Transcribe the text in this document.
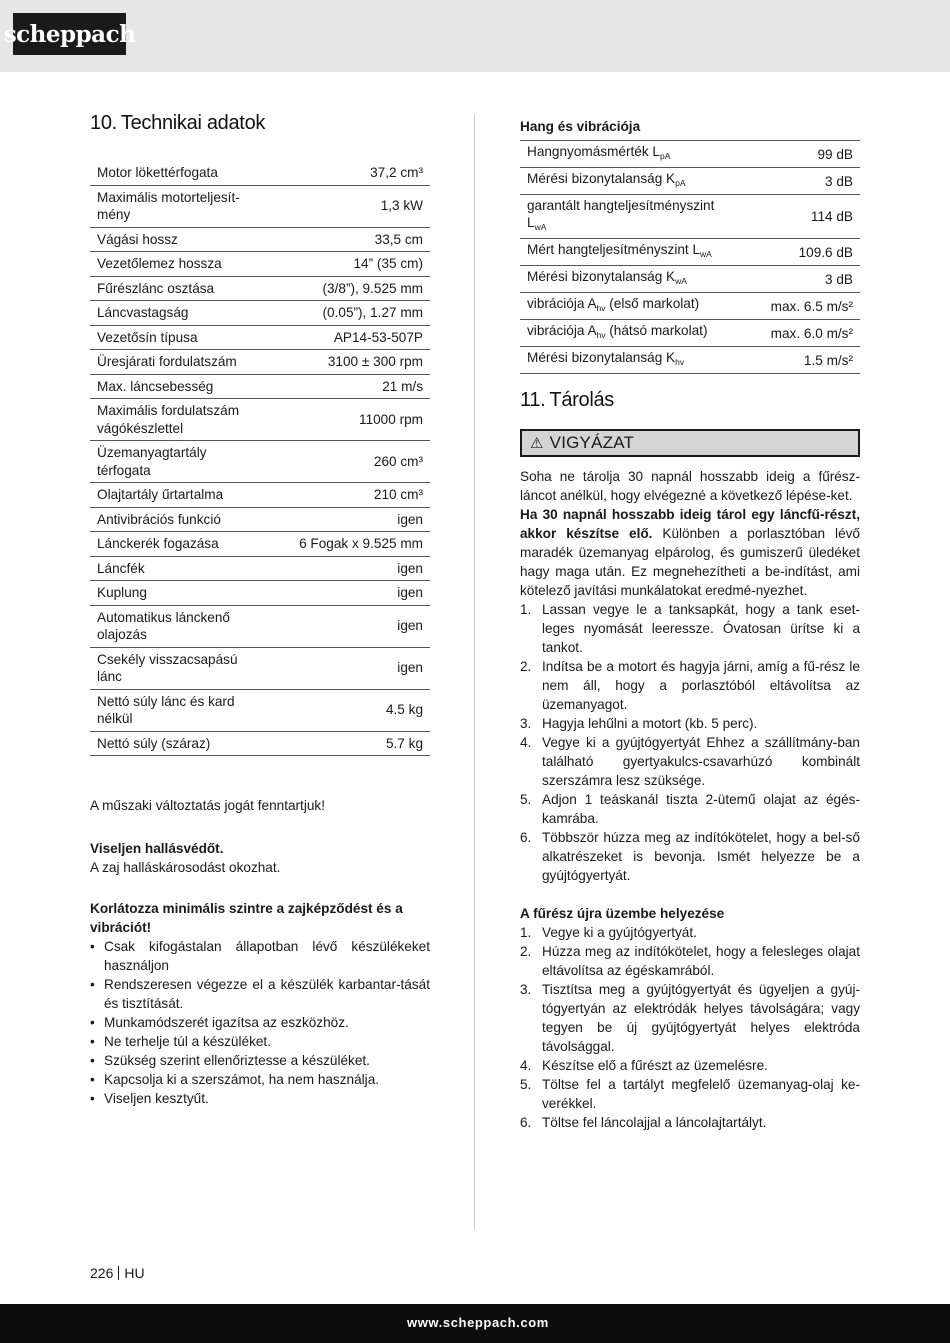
scheppach
10. Technikai adatok
Motor lökettérfogata	37,2 cm³
Maximális motorteljesít-mény	1,3 kW
Vágási hossz	33,5 cm
Vezetőlemez hossza	14” (35 cm)
Fűrészlánc osztása	(3/8”), 9.525 mm
Láncvastagság	(0.05”), 1.27 mm
Vezetősín típusa	AP14-53-507P
Üresjárati fordulatszám	3100 ± 300 rpm
Max. láncsebesség	21 m/s
Maximális fordulatszám vágókészlettel	11000 rpm
Üzemanyagtartály térfogata	260 cm³
Olajtartály űrtartalma	210 cm³
Antivibrációs funkció	igen
Lánckerék fogazása	6 Fogak x 9.525 mm
Láncfék	igen
Kuplung	igen
Automatikus lánckenő olajozás	igen
Csekély visszacsapású lánc	igen
Nettó súly lánc és kard nélkül	4.5 kg
Nettó súly (száraz)	5.7 kg

A műszaki változtatás jogát fenntartjuk!

Viseljen hallásvédőt.

A zaj halláskárosodást okozhat.

Korlátozza minimális szintre a zajképződést és a vibrációt!

• Csak kifogástalan állapotban lévő készülékeket használjon
• Rendszeresen végezze el a készülék karbantar-tását és tisztítását.
• Munkamódszerét igazítsa az eszközhöz.
• Ne terhelje túl a készüléket.
• Szükség szerint ellenőriztesse a készüléket.
• Kapcsolja ki a szerszámot, ha nem használja.
• Viseljen kesztyűt.
Hang és vibrációja
Hangnyomásmérték $L_{pA}$	99 dB
Mérési bizonytalanság $K_{pA}$	3 dB
garantált hangteljesítményszint $L_{wA}$	114 dB
Mért hangteljesítményszint $L_{wA}$	109.6 dB
Mérési bizonytalanság $K_{wA}$	3 dB
vibrációja $A_{hv}$ (első markolat)	max. 6.5 m/s²
vibrációja $A_{hv}$ (hátsó markolat)	max. 6.0 m/s²
Mérési bizonytalanság $K_{hv}$	1.5 m/s²
11. Tárolás
⚠ VIGYÁZAT

Soha ne tárolja 30 napnál hosszabb ideig a fűrész-láncot anélkül, hogy elvégezné a következő lépése-ket.

Ha 30 napnál hosszabb ideig tárol egy láncfű-részt, akkor készítse elő. Különben a porlasztóban lévő maradék üzemanyag elpárolog, és gumiszerű üledéket hagy maga után. Ez megnehezítheti a be-indítást, ami kötelező javítási munkálatokat eredmé-nyezhet.

1. Lassan vegye le a tanksapkát, hogy a tank eset-leges nyomását leeressze. Óvatosan ürítse ki a tankot.
2. Indítsa be a motort és hagyja járni, amíg a fű-rész le nem áll, hogy a porlasztóból eltávolítsa az üzemanyagot.
3. Hagyja lehűlni a motort (kb. 5 perc).
4. Vegye ki a gyújtógyertyát Ehhez a szállítmány-ban található gyertyakulcs-csavarhúzó kombinált szerszámra lesz szüksége.
5. Adjon 1 teáskanál tiszta 2-ütemű olajat az égés-kamrába.
6. Többször húzza meg az indítókötelet, hogy a bel-ső alkatrészeket is bevonja. Ismét helyezze be a gyújtógyertyát.
A fűrész újra üzembe helyezése
1. Vegye ki a gyújtógyertyát.
2. Húzza meg az indítókötelet, hogy a felesleges olajat eltávolítsa az égéskamrából.
3. Tisztítsa meg a gyújtógyertyát és ügyeljen a gyúj-tógyertyán az elektródák helyes távolságára; vagy tegyen be új gyújtógyertyát helyes elektróda távolsággal.
4. Készítse elő a fűrészt az üzemelésre.
5. Töltse fel a tartályt megfelelő üzemanyag-olaj ke-verékkel.
6. Töltse fel láncolajjal a láncolajtartályt.
226 HU
www.scheppach.com
